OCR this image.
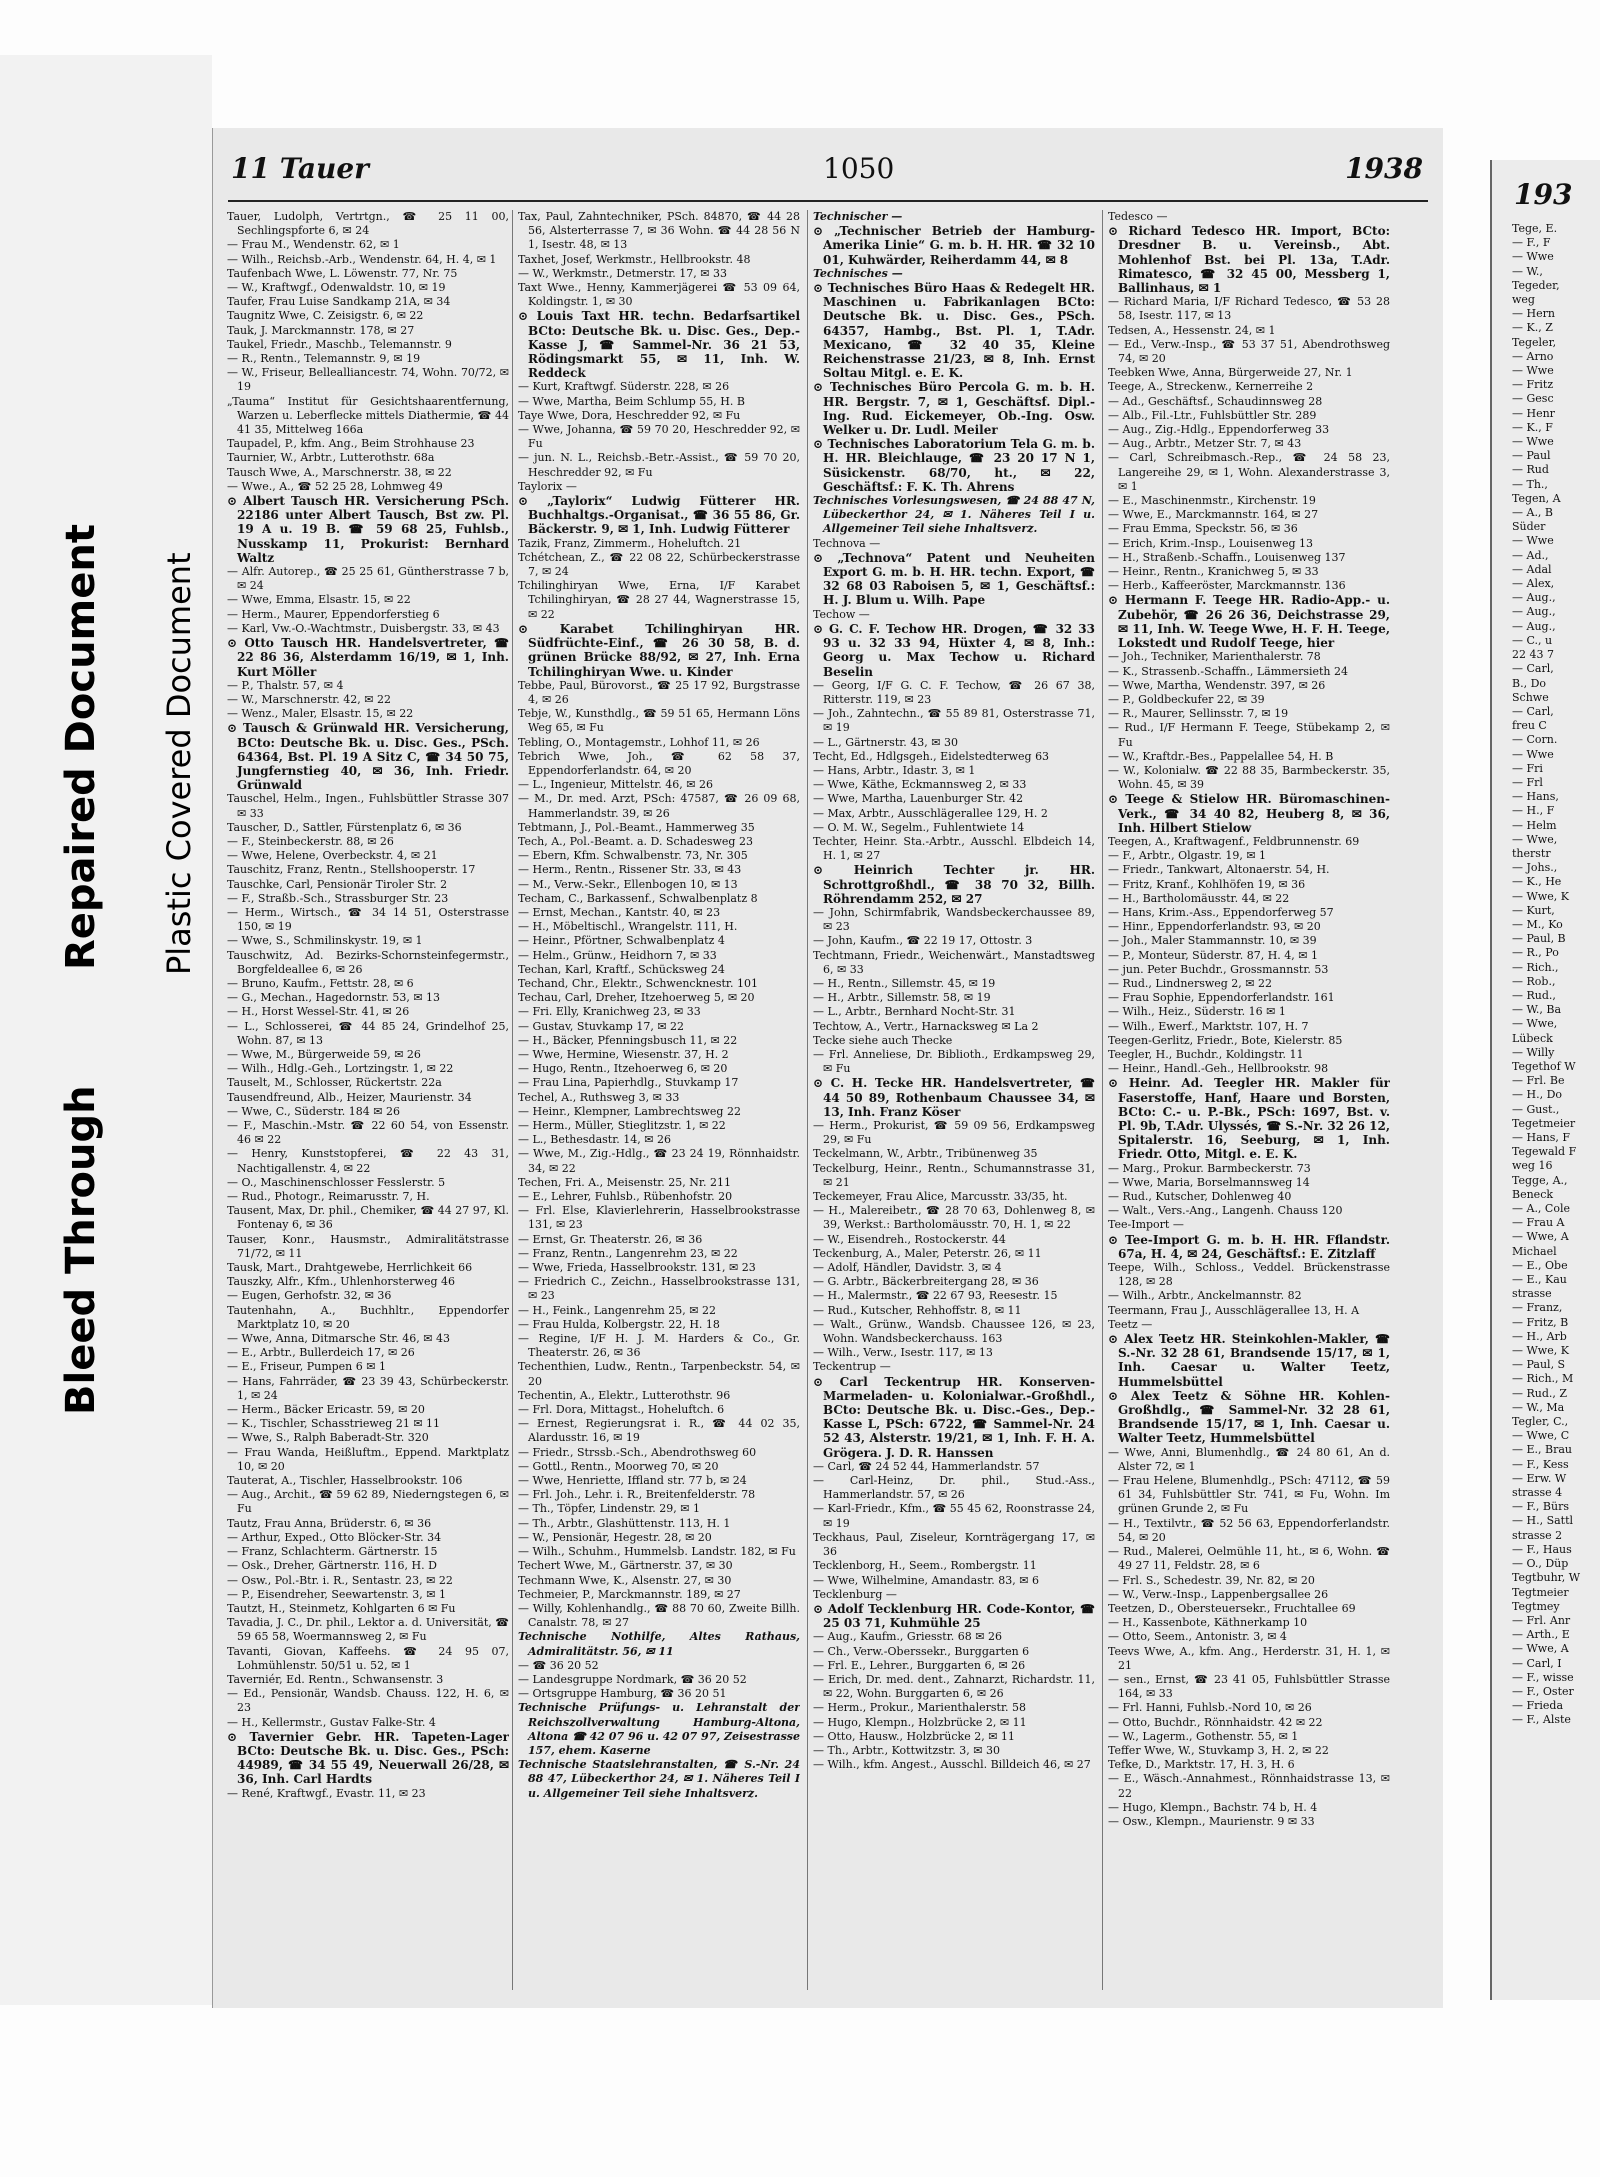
Bleed Through
Repaired Document Plastic Covered Document
11 Tauer	1050	1938

Tauer, Ludolph, Vertrtgn., ☎ 25 11 00, Sechlingspforte 6, ✉ 24

— Frau M., Wendenstr. 62, ✉ 1

— Wilh., Reichsb.-Arb., Wendenstr. 64, H. 4, ✉ 1

Taufenbach Wwe, L. Löwenstr. 77, Nr. 75

— W., Kraftwgf., Odenwaldstr. 10, ✉ 19

Taufer, Frau Luise Sandkamp 21A, ✉ 34

Taugnitz Wwe, C. Zeisigstr. 6, ✉ 22

Tauk, J. Marckmannstr. 178, ✉ 27

Taukel, Friedr., Maschb., Telemannstr. 9

— R., Rentn., Telemannstr. 9, ✉ 19

— W., Friseur, Bellealliancestr. 74, Wohn. 70/72, ✉ 19

„Tauma“ Institut für Gesichtshaarentfernung, Warzen u. Leberflecke mittels Diathermie, ☎ 44 41 35, Mittelweg 166a

Taupadel, P., kfm. Ang., Beim Strohhause 23

Taurnier, W., Arbtr., Lutterothstr. 68a

Tausch Wwe, A., Marschnerstr. 38, ✉ 22

— Wwe., A., ☎ 52 25 28, Lohmweg 49

⊙ Albert Tausch HR. Versicherung PSch. 22186 unter Albert Tausch, Bst zw. Pl. 19 A u. 19 B. ☎ 59 68 25, Fuhlsb., Nusskamp 11, Prokurist: Bernhard Waltz

— Alfr. Autorep., ☎ 25 25 61, Güntherstrasse 7 b, ✉ 24

— Wwe, Emma, Elsastr. 15, ✉ 22

— Herm., Maurer, Eppendorferstieg 6

— Karl, Vw.-O.-Wachtmstr., Duisbergstr. 33, ✉ 43

⊙ Otto Tausch HR. Handelsvertreter, ☎ 22 86 36, Alsterdamm 16/19, ✉ 1, Inh. Kurt Möller

— P., Thalstr. 57, ✉ 4

— W., Marschnerstr. 42, ✉ 22

— Wenz., Maler, Elsastr. 15, ✉ 22

⊙ Tausch & Grünwald HR. Versicherung, BCto: Deutsche Bk. u. Disc. Ges., PSch. 64364, Bst. Pl. 19 A Sitz C, ☎ 34 50 75, Jungfernstieg 40, ✉ 36, Inh. Friedr. Grünwald

Tauschel, Helm., Ingen., Fuhlsbüttler Strasse 307 ✉ 33

Tauscher, D., Sattler, Fürstenplatz 6, ✉ 36

— F., Steinbeckerstr. 88, ✉ 26

— Wwe, Helene, Overbeckstr. 4, ✉ 21

Tauschitz, Franz, Rentn., Stellshooperstr. 17

Tauschke, Carl, Pensionär Tiroler Str. 2

— F., Straßb.-Sch., Strassburger Str. 23

— Herm., Wirtsch., ☎ 34 14 51, Osterstrasse 150, ✉ 19

— Wwe, S., Schmilinskystr. 19, ✉ 1

Tauschwitz, Ad. Bezirks-Schornsteinfegermstr., Borgfeldeallee 6, ✉ 26

— Bruno, Kaufm., Fettstr. 28, ✉ 6

— G., Mechan., Hagedornstr. 53, ✉ 13

— H., Horst Wessel-Str. 41, ✉ 26

— L., Schlosserei, ☎ 44 85 24, Grindelhof 25, Wohn. 87, ✉ 13

— Wwe, M., Bürgerweide 59, ✉ 26

— Wilh., Hdlg.-Geh., Lortzingstr. 1, ✉ 22

Tauselt, M., Schlosser, Rückertstr. 22a

Tausendfreund, Alb., Heizer, Maurienstr. 34

— Wwe, C., Süderstr. 184 ✉ 26

— F., Maschin.-Mstr. ☎ 22 60 54, von Essenstr. 46 ✉ 22

— Henry, Kunststopferei, ☎ 22 43 31, Nachtigallenstr. 4, ✉ 22

— O., Maschinenschlosser Fesslerstr. 5

— Rud., Photogr., Reimarusstr. 7, H.

Tausent, Max, Dr. phil., Chemiker, ☎ 44 27 97, Kl. Fontenay 6, ✉ 36

Tauser, Konr., Hausmstr., Admiralitätstrasse 71/72, ✉ 11

Tausk, Mart., Drahtgewebe, Herrlichkeit 66

Tauszky, Alfr., Kfm., Uhlenhorsterweg 46

— Eugen, Gerhofstr. 32, ✉ 36

Tautenhahn, A., Buchhltr., Eppendorfer Marktplatz 10, ✉ 20

— Wwe, Anna, Ditmarsche Str. 46, ✉ 43

— E., Arbtr., Bullerdeich 17, ✉ 26

— E., Friseur, Pumpen 6 ✉ 1

— Hans, Fahrräder, ☎ 23 39 43, Schürbeckerstr. 1, ✉ 24

— Herm., Bäcker Ericastr. 59, ✉ 20

— K., Tischler, Schasstrieweg 21 ✉ 11

— Wwe, S., Ralph Baberadt-Str. 320

— Frau Wanda, Heißluftm., Eppend. Marktplatz 10, ✉ 20

Tauterat, A., Tischler, Hasselbrookstr. 106

— Aug., Archit., ☎ 59 62 89, Niederngstegen 6, ✉ Fu

Tautz, Frau Anna, Brüderstr. 6, ✉ 36

— Arthur, Exped., Otto Blöcker-Str. 34

— Franz, Schlachterm. Gärtnerstr. 15

— Osk., Dreher, Gärtnerstr. 116, H. D

— Osw., Pol.-Btr. i. R., Sentastr. 23, ✉ 22

— P., Eisendreher, Seewartenstr. 3, ✉ 1

Tautzt, H., Steinmetz, Kohlgarten 6 ✉ Fu

Tavadia, J. C., Dr. phil., Lektor a. d. Universität, ☎ 59 65 58, Woermannsweg 2, ✉ Fu

Tavanti, Giovan, Kaffeehs. ☎ 24 95 07, Lohmühlenstr. 50/51 u. 52, ✉ 1

Taverniér, Ed. Rentn., Schwansenstr. 3

— Ed., Pensionär, Wandsb. Chauss. 122, H. 6, ✉ 23

— H., Kellermstr., Gustav Falke-Str. 4

⊙ Tavernier Gebr. HR. Tapeten-Lager BCto: Deutsche Bk. u. Disc. Ges., PSch: 44989, ☎ 34 55 49, Neuerwall 26/28, ✉ 36, Inh. Carl Hardts

— René, Kraftwgf., Evastr. 11, ✉ 23

Tax, Paul, Zahntechniker, PSch. 84870, ☎ 44 28 56, Alsterterrasse 7, ✉ 36 Wohn. ☎ 44 28 56 N 1, Isestr. 48, ✉ 13

Taxhet, Josef, Werkmstr., Hellbrookstr. 48

— W., Werkmstr., Detmerstr. 17, ✉ 33

Taxt Wwe., Henny, Kammerjägerei ☎ 53 09 64, Koldingstr. 1, ✉ 30

⊙ Louis Taxt HR. techn. Bedarfsartikel BCto: Deutsche Bk. u. Disc. Ges., Dep.-Kasse J, ☎ Sammel-Nr. 36 21 53, Rödingsmarkt 55, ✉ 11, Inh. W. Reddeck

— Kurt, Kraftwgf. Süderstr. 228, ✉ 26

— Wwe, Martha, Beim Schlump 55, H. B

Taye Wwe, Dora, Heschredder 92, ✉ Fu

— Wwe, Johanna, ☎ 59 70 20, Heschredder 92, ✉ Fu

— jun. N. L., Reichsb.-Betr.-Assist., ☎ 59 70 20, Heschredder 92, ✉ Fu

Taylorix —

⊙ „Taylorix“ Ludwig Fütterer HR. Buchhaltgs.-Organisat., ☎ 36 55 86, Gr. Bäckerstr. 9, ✉ 1, Inh. Ludwig Fütterer

Tazik, Franz, Zimmerm., Hoheluftch. 21

Tchétchean, Z., ☎ 22 08 22, Schürbeckerstrasse 7, ✉ 24

Tchilinghiryan Wwe, Erna, I/F Karabet Tchilinghiryan, ☎ 28 27 44, Wagnerstrasse 15, ✉ 22

⊙ Karabet Tchilinghiryan HR. Südfrüchte-Einf., ☎ 26 30 58, B. d. grünen Brücke 88/92, ✉ 27, Inh. Erna Tchilinghiryan Wwe. u. Kinder

Tebbe, Paul, Bürovorst., ☎ 25 17 92, Burgstrasse 4, ✉ 26

Tebje, W., Kunsthdlg., ☎ 59 51 65, Hermann Löns Weg 65, ✉ Fu

Tebling, O., Montagemstr., Lohhof 11, ✉ 26

Tebrich Wwe, Joh., ☎ 62 58 37, Eppendorferlandstr. 64, ✉ 20

— L., Ingenieur, Mittelstr. 46, ✉ 26

— M., Dr. med. Arzt, PSch: 47587, ☎ 26 09 68, Hammerlandstr. 39, ✉ 26

Tebtmann, J., Pol.-Beamt., Hammerweg 35

Tech, A., Pol.-Beamt. a. D. Schadesweg 23

— Ebern, Kfm. Schwalbenstr. 73, Nr. 305

— Herm., Rentn., Rissener Str. 33, ✉ 43

— M., Verw.-Sekr., Ellenbogen 10, ✉ 13

Techam, C., Barkassenf., Schwalbenplatz 8

— Ernst, Mechan., Kantstr. 40, ✉ 23

— H., Möbeltischl., Wrangelstr. 111, H.

— Heinr., Pförtner, Schwalbenplatz 4

— Helm., Grünw., Heidhorn 7, ✉ 33

Techan, Karl, Kraftf., Schücksweg 24

Techand, Chr., Elektr., Schwencknestr. 101

Techau, Carl, Dreher, Itzehoerweg 5, ✉ 20

— Fri. Elly, Kranichweg 23, ✉ 33

— Gustav, Stuvkamp 17, ✉ 22

— H., Bäcker, Pfenningsbusch 11, ✉ 22

— Wwe, Hermine, Wiesenstr. 37, H. 2

— Hugo, Rentn., Itzehoerweg 6, ✉ 20

— Frau Lina, Papierhdlg., Stuvkamp 17

Techel, A., Ruthsweg 3, ✉ 33

— Heinr., Klempner, Lambrechtsweg 22

— Herm., Müller, Stieglitzstr. 1, ✉ 22

— L., Bethesdastr. 14, ✉ 26

— Wwe, M., Zig.-Hdlg., ☎ 23 24 19, Rönnhaidstr. 34, ✉ 22

Techen, Fri. A., Meisenstr. 25, Nr. 211

— E., Lehrer, Fuhlsb., Rübenhofstr. 20

— Frl. Else, Klavierlehrerin, Hasselbrookstrasse 131, ✉ 23

— Ernst, Gr. Theaterstr. 26, ✉ 36

— Franz, Rentn., Langenrehm 23, ✉ 22

— Wwe, Frieda, Hasselbrookstr. 131, ✉ 23

— Friedrich C., Zeichn., Hasselbrookstrasse 131, ✉ 23

— H., Feink., Langenrehm 25, ✉ 22

— Frau Hulda, Kolbergstr. 22, H. 18

— Regine, I/F H. J. M. Harders & Co., Gr. Theaterstr. 26, ✉ 36

Techenthien, Ludw., Rentn., Tarpenbeckstr. 54, ✉ 20

Techentin, A., Elektr., Lutterothstr. 96

— Frl. Dora, Mittagst., Hoheluftch. 6

— Ernest, Regierungsrat i. R., ☎ 44 02 35, Alardusstr. 16, ✉ 19

— Friedr., Strssb.-Sch., Abendrothsweg 60

— Gottl., Rentn., Moorweg 70, ✉ 20

— Wwe, Henriette, Iffland str. 77 b, ✉ 24

— Frl. Joh., Lehr. i. R., Breitenfelderstr. 78

— Th., Töpfer, Lindenstr. 29, ✉ 1

— Th., Arbtr., Glashüttenstr. 113, H. 1

— W., Pensionär, Hegestr. 28, ✉ 20

— Wilh., Schuhm., Hummelsb. Landstr. 182, ✉ Fu

Techert Wwe, M., Gärtnerstr. 37, ✉ 30

Techmann Wwe, K., Alsenstr. 27, ✉ 30

Techmeier, P., Marckmannstr. 189, ✉ 27

— Willy, Kohlenhandlg., ☎ 88 70 60, Zweite Billh. Canalstr. 78, ✉ 27

Technische Nothilfe, Altes Rathaus, Admiralitätstr. 56, ✉ 11

— ☎ 36 20 52

— Landesgruppe Nordmark, ☎ 36 20 52

— Ortsgruppe Hamburg, ☎ 36 20 51

Technische Prüfungs- u. Lehranstalt der Reichszollverwaltung Hamburg-Altona, Altona ☎ 42 07 96 u. 42 07 97, Zeisestrasse 157, ehem. Kaserne

Technische Staatslehranstalten, ☎ S.-Nr. 24 88 47, Lübeckerthor 24, ✉ 1. Näheres Teil I u. Allgemeiner Teil siehe Inhaltsverz.

Technischer —

⊙ „Technischer Betrieb der Hamburg-Amerika Linie“ G. m. b. H. HR. ☎ 32 10 01, Kuhwärder, Reiherdamm 44, ✉ 8

Technisches —

⊙ Technisches Büro Haas & Redegelt HR. Maschinen u. Fabrikanlagen BCto: Deutsche Bk. u. Disc. Ges., PSch. 64357, Hambg., Bst. Pl. 1, T.Adr. Mexicano, ☎ 32 40 35, Kleine Reichenstrasse 21/23, ✉ 8, Inh. Ernst Soltau Mitgl. e. E. K.

⊙ Technisches Büro Percola G. m. b. H. HR. Bergstr. 7, ✉ 1, Geschäftsf. Dipl.-Ing. Rud. Eickemeyer, Ob.-Ing. Osw. Welker u. Dr. Ludl. Meiler

⊙ Technisches Laboratorium Tela G. m. b. H. HR. Bleichlauge, ☎ 23 20 17 N 1, Süsickenstr. 68/70, ht., ✉ 22, Geschäftsf.: F. K. Th. Ahrens

Technisches Vorlesungswesen, ☎ 24 88 47 N, Lübeckerthor 24, ✉ 1. Näheres Teil I u. Allgemeiner Teil siehe Inhaltsverz.

Technova —

⊙ „Technova“ Patent und Neuheiten Export G. m. b. H. HR. techn. Export, ☎ 32 68 03 Raboisen 5, ✉ 1, Geschäftsf.: H. J. Blum u. Wilh. Pape

Techow —

⊙ G. C. F. Techow HR. Drogen, ☎ 32 33 93 u. 32 33 94, Hüxter 4, ✉ 8, Inh.: Georg u. Max Techow u. Richard Beselin

— Georg, I/F G. C. F. Techow, ☎ 26 67 38, Ritterstr. 119, ✉ 23

— Joh., Zahntechn., ☎ 55 89 81, Osterstrasse 71, ✉ 19

— L., Gärtnerstr. 43, ✉ 30

Techt, Ed., Hdlgsgeh., Eidelstedterweg 63

— Hans, Arbtr., Idastr. 3, ✉ 1

— Wwe, Käthe, Eckmannsweg 2, ✉ 33

— Wwe, Martha, Lauenburger Str. 42

— Max, Arbtr., Ausschlägerallee 129, H. 2

— O. M. W., Segelm., Fuhlentwiete 14

Techter, Heinr. Sta.-Arbtr., Ausschl. Elbdeich 14, H. 1, ✉ 27

⊙ Heinrich Techter jr. HR. Schrottgroßhdl., ☎ 38 70 32, Billh. Röhrendamm 252, ✉ 27

— John, Schirmfabrik, Wandsbeckerchaussee 89, ✉ 23

— John, Kaufm., ☎ 22 19 17, Ottostr. 3

Techtmann, Friedr., Weichenwärt., Manstadtsweg 6, ✉ 33

— H., Rentn., Sillemstr. 45, ✉ 19

— H., Arbtr., Sillemstr. 58, ✉ 19

— L., Arbtr., Bernhard Nocht-Str. 31

Techtow, A., Vertr., Harnacksweg ✉ La 2

Tecke siehe auch Thecke

— Frl. Anneliese, Dr. Biblioth., Erdkampsweg 29, ✉ Fu

⊙ C. H. Tecke HR. Handelsvertreter, ☎ 44 50 89, Rothenbaum Chaussee 34, ✉ 13, Inh. Franz Köser

— Herm., Prokurist, ☎ 59 09 56, Erdkampsweg 29, ✉ Fu

Teckelmann, W., Arbtr., Tribünenweg 35

Teckelburg, Heinr., Rentn., Schumannstrasse 31, ✉ 21

Teckemeyer, Frau Alice, Marcusstr. 33/35, ht.

— H., Malereibetr., ☎ 28 70 63, Dohlenweg 8, ✉ 39, Werkst.: Bartholomäusstr. 70, H. 1, ✉ 22

— W., Eisendreh., Rostockerstr. 44

Teckenburg, A., Maler, Peterstr. 26, ✉ 11

— Adolf, Händler, Davidstr. 3, ✉ 4

— G. Arbtr., Bäckerbreitergang 28, ✉ 36

— H., Malermstr., ☎ 22 67 93, Reesestr. 15

— Rud., Kutscher, Rehhoffstr. 8, ✉ 11

— Walt., Grünw., Wandsb. Chaussee 126, ✉ 23, Wohn. Wandsbeckerchauss. 163

— Wilh., Verw., Isestr. 117, ✉ 13

Teckentrup —

⊙ Carl Teckentrup HR. Konserven-Marmeladen- u. Kolonialwar.-Großhdl., BCto: Deutsche Bk. u. Disc.-Ges., Dep.-Kasse L, PSch: 6722, ☎ Sammel-Nr. 24 52 43, Alsterstr. 19/21, ✉ 1, Inh. F. H. A. Grögera. J. D. R. Hanssen

— Carl, ☎ 24 52 44, Hammerlandstr. 57

— Carl-Heinz, Dr. phil., Stud.-Ass., Hammerlandstr. 57, ✉ 26

— Karl-Friedr., Kfm., ☎ 55 45 62, Roonstrasse 24, ✉ 19

Teckhaus, Paul, Ziseleur, Kornträgergang 17, ✉ 36

Tecklenborg, H., Seem., Rombergstr. 11

— Wwe, Wilhelmine, Amandastr. 83, ✉ 6

Tecklenburg —

⊙ Adolf Tecklenburg HR. Code-Kontor, ☎ 25 03 71, Kuhmühle 25

— Aug., Kaufm., Griesstr. 68 ✉ 26

— Ch., Verw.-Oberssekr., Burggarten 6

— Frl. E., Lehrer., Burggarten 6, ✉ 26

— Erich, Dr. med. dent., Zahnarzt, Richardstr. 11, ✉ 22, Wohn. Burggarten 6, ✉ 26

— Herm., Prokur., Marienthalerstr. 58

— Hugo, Klempn., Holzbrücke 2, ✉ 11

— Otto, Hausw., Holzbrücke 2, ✉ 11

— Th., Arbtr., Kottwitzstr. 3, ✉ 30

— Wilh., kfm. Angest., Ausschl. Billdeich 46, ✉ 27

Tedesco —

⊙ Richard Tedesco HR. Import, BCto: Dresdner B. u. Vereinsb., Abt. Mohlenhof Bst. bei Pl. 13a, T.Adr. Rimatesco, ☎ 32 45 00, Messberg 1, Ballinhaus, ✉ 1

— Richard Maria, I/F Richard Tedesco, ☎ 53 28 58, Isestr. 117, ✉ 13

Tedsen, A., Hessenstr. 24, ✉ 1

— Ed., Verw.-Insp., ☎ 53 37 51, Abendrothsweg 74, ✉ 20

Teebken Wwe, Anna, Bürgerweide 27, Nr. 1

Teege, A., Streckenw., Kernerreihe 2

— Ad., Geschäftsf., Schaudinnsweg 28

— Alb., Fil.-Ltr., Fuhlsbüttler Str. 289

— Aug., Zig.-Hdlg., Eppendorferweg 33

— Aug., Arbtr., Metzer Str. 7, ✉ 43

— Carl, Schreibmasch.-Rep., ☎ 24 58 23, Langereihe 29, ✉ 1, Wohn. Alexanderstrasse 3, ✉ 1

— E., Maschinenmstr., Kirchenstr. 19

— Wwe, E., Marckmannstr. 164, ✉ 27

— Frau Emma, Speckstr. 56, ✉ 36

— Erich, Krim.-Insp., Louisenweg 13

— H., Straßenb.-Schaffn., Louisenweg 137

— Heinr., Rentn., Kranichweg 5, ✉ 33

— Herb., Kaffeeröster, Marckmannstr. 136

⊙ Hermann F. Teege HR. Radio-App.- u. Zubehör, ☎ 26 26 36, Deichstrasse 29, ✉ 11, Inh. W. Teege Wwe, H. F. H. Teege, Lokstedt und Rudolf Teege, hier

— Joh., Techniker, Marienthalerstr. 78

— K., Strassenb.-Schaffn., Lämmersieth 24

— Wwe, Martha, Wendenstr. 397, ✉ 26

— P., Goldbeckufer 22, ✉ 39

— R., Maurer, Sellinsstr. 7, ✉ 19

— Rud., I/F Hermann F. Teege, Stübekamp 2, ✉ Fu

— W., Kraftdr.-Bes., Pappelallee 54, H. B

— W., Kolonialw. ☎ 22 88 35, Barmbeckerstr. 35, Wohn. 45, ✉ 39

⊙ Teege & Stielow HR. Büromaschinen-Verk., ☎ 34 40 82, Heuberg 8, ✉ 36, Inh. Hilbert Stielow

Teegen, A., Kraftwagenf., Feldbrunnenstr. 69

— F., Arbtr., Olgastr. 19, ✉ 1

— Friedr., Tankwart, Altonaerstr. 54, H.

— Fritz, Kranf., Kohlhöfen 19, ✉ 36

— H., Bartholomäusstr. 44, ✉ 22

— Hans, Krim.-Ass., Eppendorferweg 57

— Hinr., Eppendorferlandstr. 93, ✉ 20

— Joh., Maler Stammannstr. 10, ✉ 39

— P., Monteur, Süderstr. 87, H. 4, ✉ 1

— jun. Peter Buchdr., Grossmannstr. 53

— Rud., Lindnersweg 2, ✉ 22

— Frau Sophie, Eppendorferlandstr. 161

— Wilh., Heiz., Süderstr. 16 ✉ 1

— Wilh., Ewerf., Marktstr. 107, H. 7

Teegen-Gerlitz, Friedr., Bote, Kielerstr. 85

Teegler, H., Buchdr., Koldingstr. 11

— Heinr., Handl.-Geh., Hellbrookstr. 98

⊙ Heinr. Ad. Teegler HR. Makler für Faserstoffe, Hanf, Haare und Borsten, BCto: C.- u. P.-Bk., PSch: 1697, Bst. v. Pl. 9b, T.Adr. Ulyssés, ☎ S.-Nr. 32 26 12, Spitalerstr. 16, Seeburg, ✉ 1, Inh. Friedr. Otto, Mitgl. e. E. K.

— Marg., Prokur. Barmbeckerstr. 73

— Wwe, Maria, Borselmannsweg 14

— Rud., Kutscher, Dohlenweg 40

— Walt., Vers.-Ang., Langenh. Chauss 120

Tee-Import —

⊙ Tee-Import G. m. b. H. HR. Fflandstr. 67a, H. 4, ✉ 24, Geschäftsf.: E. Zitzlaff

Teepe, Wilh., Schloss., Veddel. Brückenstrasse 128, ✉ 28

— Wilh., Arbtr., Anckelmannstr. 82

Teermann, Frau J., Ausschlägerallee 13, H. A

Teetz —

⊙ Alex Teetz HR. Steinkohlen-Makler, ☎ S.-Nr. 32 28 61, Brandsende 15/17, ✉ 1, Inh. Caesar u. Walter Teetz, Hummelsbüttel

⊙ Alex Teetz & Söhne HR. Kohlen-Großhdlg., ☎ Sammel-Nr. 32 28 61, Brandsende 15/17, ✉ 1, Inh. Caesar u. Walter Teetz, Hummelsbüttel

— Wwe, Anni, Blumenhdlg., ☎ 24 80 61, An d. Alster 72, ✉ 1

— Frau Helene, Blumenhdlg., PSch: 47112, ☎ 59 61 34, Fuhlsbüttler Str. 741, ✉ Fu, Wohn. Im grünen Grunde 2, ✉ Fu

— H., Textilvtr., ☎ 52 56 63, Eppendorferlandstr. 54, ✉ 20

— Rud., Malerei, Oelmühle 11, ht., ✉ 6, Wohn. ☎ 49 27 11, Feldstr. 28, ✉ 6

— Frl. S., Schedestr. 39, Nr. 82, ✉ 20

— W., Verw.-Insp., Lappenbergsallee 26

Teetzen, D., Obersteuersekr., Fruchtallee 69

— H., Kassenbote, Käthnerkamp 10

— Otto, Seem., Antonistr. 3, ✉ 4

Teevs Wwe, A., kfm. Ang., Herderstr. 31, H. 1, ✉ 21

— sen., Ernst, ☎ 23 41 05, Fuhlsbüttler Strasse 164, ✉ 33

— Frl. Hanni, Fuhlsb.-Nord 10, ✉ 26

— Otto, Buchdr., Rönnhaidstr. 42 ✉ 22

— W., Lagerm., Gothenstr. 55, ✉ 1

Teffer Wwe, W., Stuvkamp 3, H. 2, ✉ 22

Tefke, D., Marktstr. 17, H. 3, H. 6

— E., Wäsch.-Annahmest., Rönnhaidstrasse 13, ✉ 22

— Hugo, Klempn., Bachstr. 74 b, H. 4

— Osw., Klempn., Maurienstr. 9 ✉ 33

193
Tege, E.
— F., F
— Wwe
— W.,
Tegeder,
weg
— Hern
— K., Z
Tegeler,
— Arno
— Wwe
— Fritz
— Gesc
— Henr
— K., F
— Wwe
— Paul
— Rud
— Th.,
Tegen, A
— A., B
Süder
— Wwe
— Ad.,
— Adal
— Alex,
— Aug.,
— Aug.,
— Aug.,
— C., u
22 43 7
— Carl,
B., Do
Schwe
— Carl,
freu C
— Corn.
— Wwe
— Fri
— Frl
— Hans,
— H., F
— Helm
— Wwe,
therstr
— Johs.,
— K., He
— Wwe, K
— Kurt,
— M., Ko
— Paul, B
— R., Po
— Rich.,
— Rob.,
— Rud.,
— W., Ba
— Wwe,
Lübeck
— Willy
Tegethof W
— Frl. Be
— H., Do
— Gust.,
Tegetmeier
— Hans, F
Tegewald F
weg 16
Tegge, A.,
Beneck
— A., Cole
— Frau A
— Wwe, A
Michael
— E., Obe
— E., Kau
strasse
— Franz,
— Fritz, B
— H., Arb
— Wwe, K
— Paul, S
— Rich., M
— Rud., Z
— W., Ma
Tegler, C.,
— Wwe, C
— E., Brau
— F., Kess
— Erw. W
strasse 4
— F., Bürs
— H., Sattl
strasse 2
— F., Haus
— O., Düp
Tegtbuhr, W
Tegtmeier
Tegtmey
— Frl. Anr
— Arth., E
— Wwe, A
— Carl, I
— F., wisse
— F., Oster
— Frieda
— F., Alste
